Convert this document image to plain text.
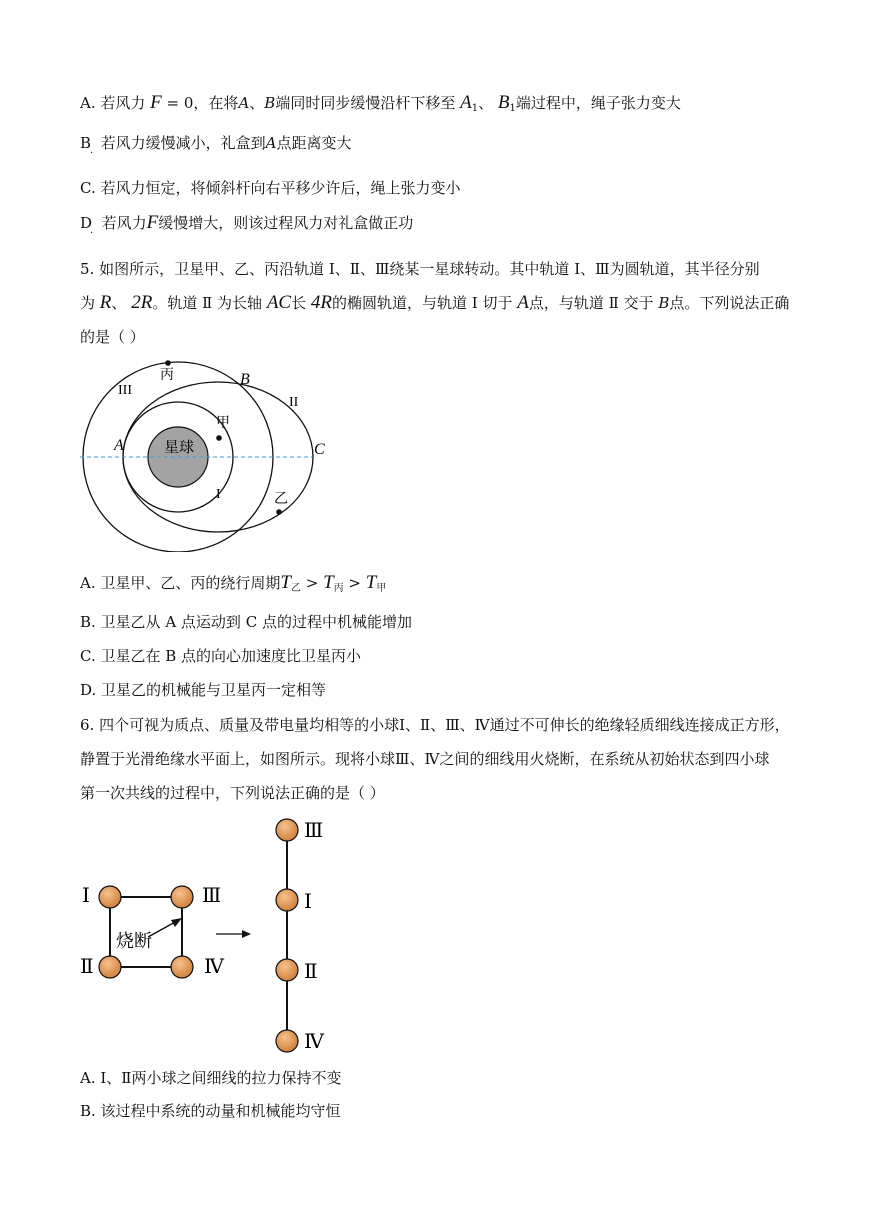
A. 若风力 F = 0，在将A、B端同时同步缓慢沿杆下移至 $A_1$、 $B_1$端过程中，绳子张力变大
B 若风力缓慢减小，礼盒到A点距离变大
·
C. 若风力恒定，将倾斜杆向右平移少许后，绳上张力变小
D 若风力F缓慢增大，则该过程风力对礼盒做正功
·
5. 如图所示，卫星甲、乙、丙沿轨道 Ⅰ、Ⅱ、Ⅲ绕某一星球转动。其中轨道 Ⅰ、Ⅲ为圆轨道，其半径分别
为 R、 2R。轨道 Ⅱ 为长轴 AC长 4R的椭圆轨道，与轨道 Ⅰ 切于 A点，与轨道 Ⅱ 交于 B点。下列说法正确
的是（ ）
星球
丙
甲
乙
A
B
C
I
II
III
A. 卫星甲、乙、丙的绕行周期$T_乙 > T_丙 > T_甲$
B. 卫星乙从 A 点运动到 C 点的过程中机械能增加
C. 卫星乙在 B 点的向心加速度比卫星丙小
D. 卫星乙的机械能与卫星丙一定相等
6. 四个可视为质点、质量及带电量均相等的小球Ⅰ、Ⅱ、Ⅲ、Ⅳ通过不可伸长的绝缘轻质细线连接成正方形，
静置于光滑绝缘水平面上，如图所示。现将小球Ⅲ、Ⅳ之间的细线用火烧断，在系统从初始状态到四小球
第一次共线的过程中，下列说法正确的是（ ）
烧断
Ⅰ
Ⅱ
Ⅲ
Ⅳ
Ⅲ
Ⅰ
Ⅱ
Ⅳ
A. Ⅰ、Ⅱ两小球之间细线的拉力保持不变
B. 该过程中系统的动量和机械能均守恒
